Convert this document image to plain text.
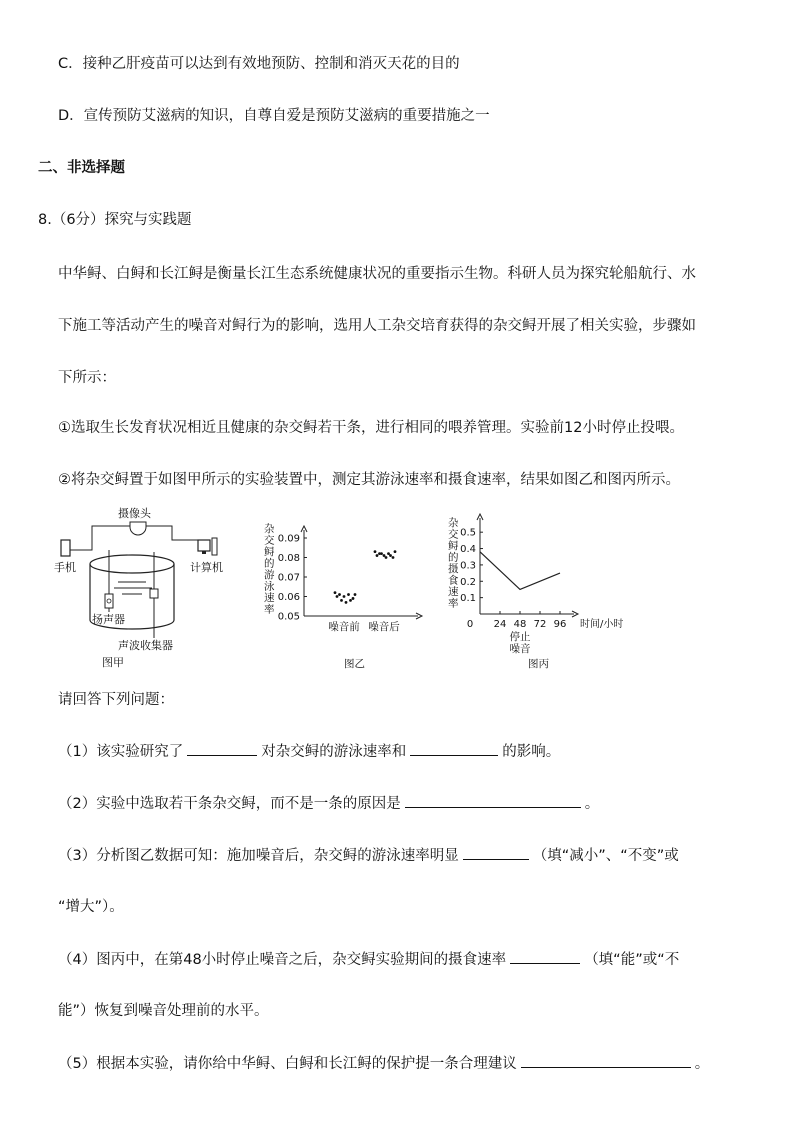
C．接种乙肝疫苗可以达到有效地预防、控制和消灭天花的目的
D．宣传预防艾滋病的知识，自尊自爱是预防艾滋病的重要措施之一
二、非选择题
8.（6分）探究与实践题
中华鲟、白鲟和长江鲟是衡量长江生态系统健康状况的重要指示生物。科研人员为探究轮船航行、水
下施工等活动产生的噪音对鲟行为的影响，选用人工杂交培育获得的杂交鲟开展了相关实验，步骤如
下所示：
①选取生长发育状况相近且健康的杂交鲟若干条，进行相同的喂养管理。实验前12小时停止投喂。
②将杂交鲟置于如图甲所示的实验装置中，测定其游泳速率和摄食速率，结果如图乙和图丙所示。
摄像头
手机	计算机
扬声器
声波收集器
图甲
杂
交
鲟
的
游
泳
速
率
0.05
0.06
0.07
0.08
0.09
噪音前 噪音后
图乙
杂
交
鲟
的
摄
食
速
率 0.1
0.2
0.3
0.4
0.5
0 24 48 72 96 时间/小时
停止
噪音
图丙
请回答下列问题：
（1）该实验研究了	对杂交鲟的游泳速率和	的影响。
（2）实验中选取若干条杂交鲟，而不是一条的原因是	。
（3）分析图乙数据可知：施加噪音后，杂交鲟的游泳速率明显	（填“减小”、“不变”或
“增大”）。
（4）图丙中，在第48小时停止噪音之后，杂交鲟实验期间的摄食速率	（填“能”或“不
能”）恢复到噪音处理前的水平。
（5）根据本实验，请你给中华鲟、白鲟和长江鲟的保护提一条合理建议	。
